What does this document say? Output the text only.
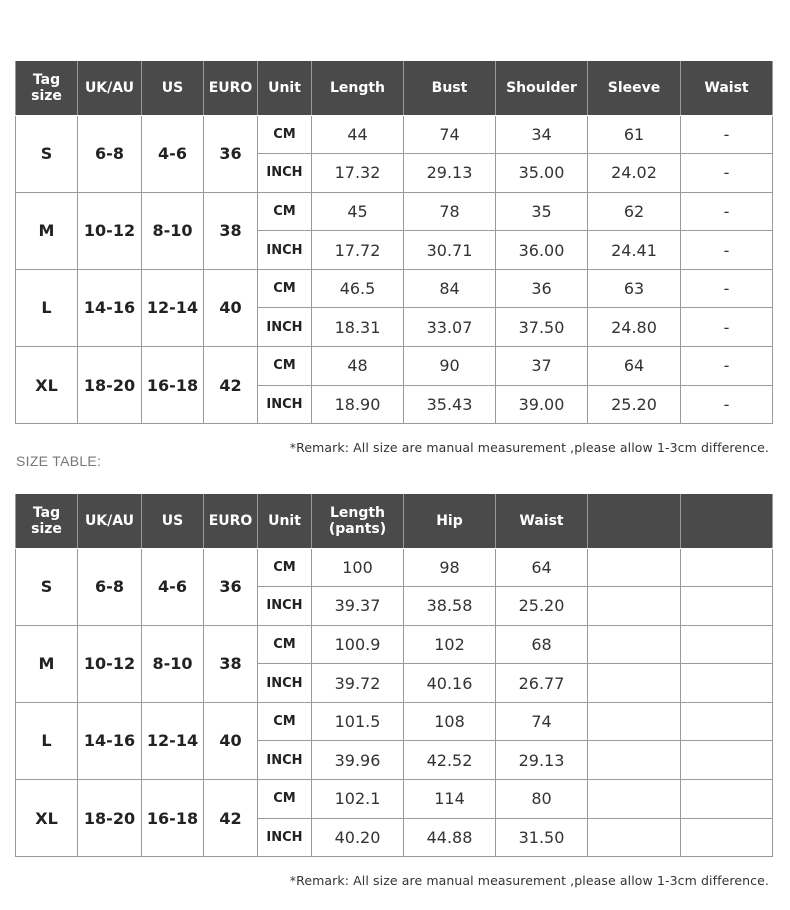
Tag size	UK/AU	US	EURO	Unit	Length	Bust	Shoulder	Sleeve	Waist

S	6-8	4-6	36	CM	44	74	34	61	-
				INCH	17.32	29.13	35.00	24.02	-
M	10-12	8-10	38	CM	45	78	35	62	-
				INCH	17.72	30.71	36.00	24.41	-
L	14-16	12-14	40	CM	46.5	84	36	63	-
				INCH	18.31	33.07	37.50	24.80	-
XL	18-20	16-18	42	CM	48	90	37	64	-
				INCH	18.90	35.43	39.00	25.20	-
*Remark: All size are manual measurement ,please allow 1-3cm difference.
SIZE TABLE:
Tag size	UK/AU	US	EURO	Unit	Length (pants)	Hip	Waist		

S	6-8	4-6	36	CM	100	98	64		
				INCH	39.37	38.58	25.20		
M	10-12	8-10	38	CM	100.9	102	68		
				INCH	39.72	40.16	26.77		
L	14-16	12-14	40	CM	101.5	108	74		
				INCH	39.96	42.52	29.13		
XL	18-20	16-18	42	CM	102.1	114	80		
				INCH	40.20	44.88	31.50		
*Remark: All size are manual measurement ,please allow 1-3cm difference.
